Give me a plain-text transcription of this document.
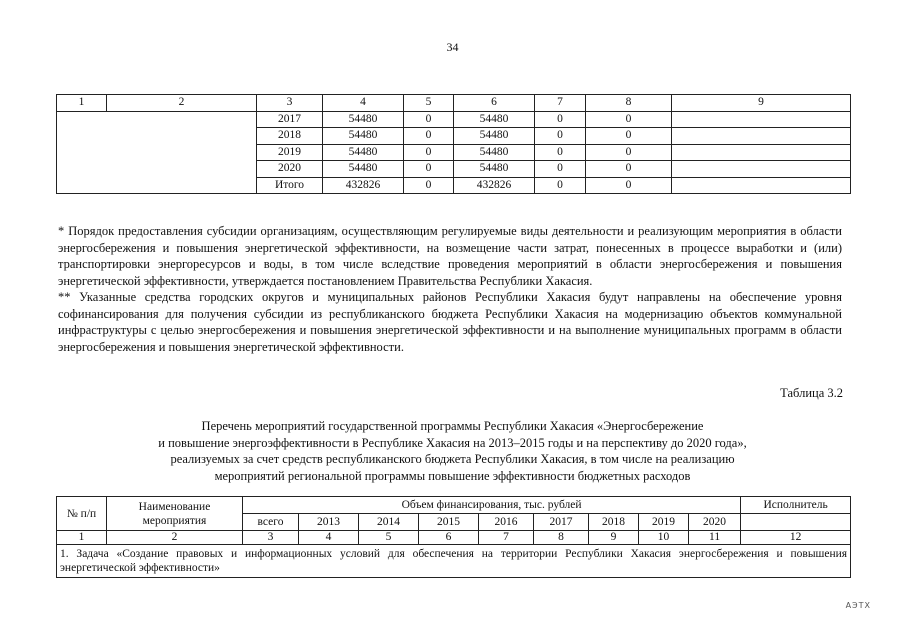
34
1	2	3	4	5	6	7	8	9
		2017	54480	0	54480	0	0	
		2018	54480	0	54480	0	0	
		2019	54480	0	54480	0	0	
		2020	54480	0	54480	0	0	
		Итого	432826	0	432826	0	0	

* Порядок предоставления субсидии организациям, осуществляющим регулируемые виды деятельности и реализующим мероприятия в области энергосбережения и повышения энергетической эффективности, на возмещение части затрат, понесенных в процессе выработки и (или) транспортировки энергоресурсов и воды, в том числе вследствие проведения мероприятий в области энергосбережения и повышения энергетической эффективности, утверждается постановлением Правительства Республики Хакасия.

** Указанные средства городских округов и муниципальных районов Республики Хакасия будут направлены на обеспечение уровня софинансирования для получения субсидии из республиканского бюджета Республики Хакасия на модернизацию объектов коммунальной инфраструктуры с целью энергосбережения и повышения энергетической эффективности и на выполнение муниципальных программ в области энергосбережения и повышения энергетической эффективности.

Таблица 3.2
Перечень мероприятий государственной программы Республики Хакасия «Энергосбережение
и повышение энергоэффективности в Республике Хакасия на 2013–2015 годы и на перспективу до 2020 года»,
реализуемых за счет средств республиканского бюджета Республики Хакасия, в том числе на реализацию
мероприятий региональной программы повышение эффективности бюджетных расходов
№ п/п	Наименование мероприятия	Объем финансирования, тыс. рублей									Исполнитель
		всего	2013	2014	2015	2016	2017	2018	2019	2020	
1	2	3	4	5	6	7	8	9	10	11	12
1. Задача «Создание правовых и информационных условий для обеспечения на территории Республики Хакасия энергосбережения и повышения энергетической эффективности»											
АЭТХ
